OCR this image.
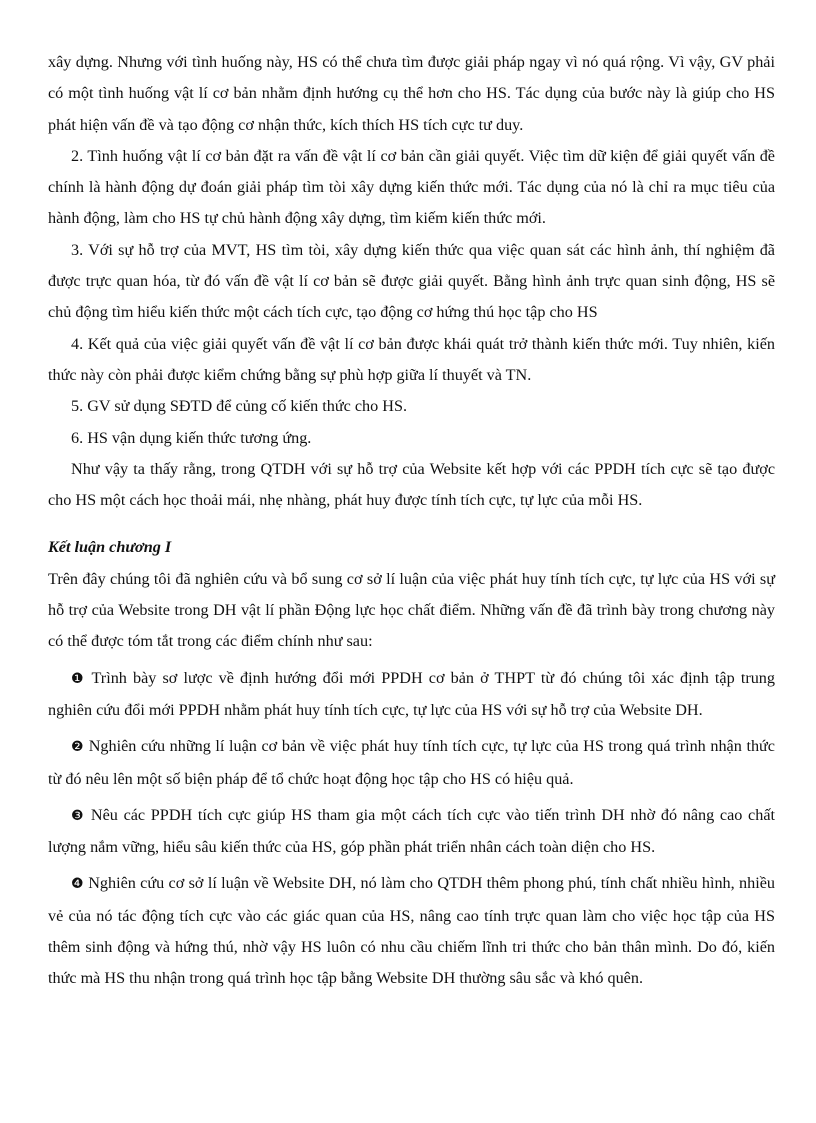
xây dựng. Nhưng với tình huống này, HS có thể chưa tìm được giải pháp ngay vì nó quá rộng. Vì vậy, GV phải có một tình huống vật lí cơ bản nhằm định hướng cụ thể hơn cho HS. Tác dụng của bước này là giúp cho HS phát hiện vấn đề và tạo động cơ nhận thức, kích thích HS tích cực tư duy.

2. Tình huống vật lí cơ bản đặt ra vấn đề vật lí cơ bản cần giải quyết. Việc tìm dữ kiện để giải quyết vấn đề chính là hành động dự đoán giải pháp tìm tòi xây dựng kiến thức mới. Tác dụng của nó là chỉ ra mục tiêu của hành động, làm cho HS tự chủ hành động xây dựng, tìm kiếm kiến thức mới.

3. Với sự hỗ trợ của MVT, HS tìm tòi, xây dựng kiến thức qua việc quan sát các hình ảnh, thí nghiệm đã được trực quan hóa, từ đó vấn đề vật lí cơ bản sẽ được giải quyết. Bằng hình ảnh trực quan sinh động, HS sẽ chủ động tìm hiểu kiến thức một cách tích cực, tạo động cơ hứng thú học tập cho HS

4. Kết quả của việc giải quyết vấn đề vật lí cơ bản được khái quát trở thành kiến thức mới. Tuy nhiên, kiến thức này còn phải được kiểm chứng bằng sự phù hợp giữa lí thuyết và TN.

5. GV sử dụng SĐTD để củng cố kiến thức cho HS.

6. HS vận dụng kiến thức tương ứng.

Như vậy ta thấy rằng, trong QTDH với sự hỗ trợ của Website kết hợp với các PPDH tích cực sẽ tạo được cho HS một cách học thoải mái, nhẹ nhàng, phát huy được tính tích cực, tự lực của mỗi HS.

Kết luận chương I

Trên đây chúng tôi đã nghiên cứu và bổ sung cơ sở lí luận của việc phát huy tính tích cực, tự lực của HS với sự hỗ trợ của Website trong DH vật lí phần Động lực học chất điểm. Những vấn đề đã trình bày trong chương này có thể được tóm tắt trong các điểm chính như sau:

❶ Trình bày sơ lược về định hướng đổi mới PPDH cơ bản ở THPT từ đó chúng tôi xác định tập trung nghiên cứu đổi mới PPDH nhằm phát huy tính tích cực, tự lực của HS với sự hỗ trợ của Website DH.

❷ Nghiên cứu những lí luận cơ bản về việc phát huy tính tích cực, tự lực của HS trong quá trình nhận thức từ đó nêu lên một số biện pháp để tổ chức hoạt động học tập cho HS có hiệu quả.

❸ Nêu các PPDH tích cực giúp HS tham gia một cách tích cực vào tiến trình DH nhờ đó nâng cao chất lượng nắm vững, hiểu sâu kiến thức của HS, góp phần phát triển nhân cách toàn diện cho HS.

❹ Nghiên cứu cơ sở lí luận về Website DH, nó làm cho QTDH thêm phong phú, tính chất nhiều hình, nhiều vẻ của nó tác động tích cực vào các giác quan của HS, nâng cao tính trực quan làm cho việc học tập của HS thêm sinh động và hứng thú, nhờ vậy HS luôn có nhu cầu chiếm lĩnh tri thức cho bản thân mình. Do đó, kiến thức mà HS thu nhận trong quá trình học tập bằng Website DH thường sâu sắc và khó quên.
